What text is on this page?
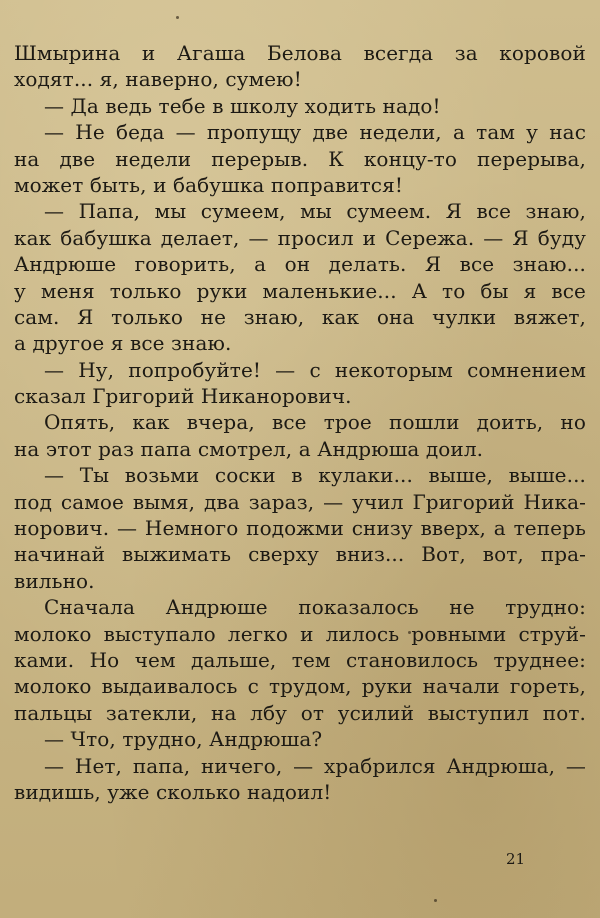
Шмырина и Агаша Белова всегда за коровой
ходят... я, наверно, сумею!
— Да ведь тебе в школу ходить надо!
— Не беда — пропущу две недели, а там у нас
на две недели перерыв. К концу-то перерыва,
может быть, и бабушка поправится!
— Папа, мы сумеем, мы сумеем. Я все знаю,
как бабушка делает, — просил и Сережа. — Я буду
Андрюше говорить, а он делать. Я все знаю...
у меня только руки маленькие... А то бы я все
сам. Я только не знаю, как она чулки вяжет,
а другое я все знаю.
— Ну, попробуйте! — с некоторым сомнением
сказал Григорий Никанорович.
Опять, как вчера, все трое пошли доить, но
на этот раз папа смотрел, а Андрюша доил.
— Ты возьми соски в кулаки... выше, выше...
под самое вымя, два зараз, — учил Григорий Ника-
норович. — Немного подожми снизу вверх, а теперь
начинай выжимать сверху вниз... Вот, вот, пра-
вильно.
Сначала Андрюше показалось не трудно:
молоко выступало легко и лилось ровными струй-
ками. Но чем дальше, тем становилось труднее:
молоко выдаивалось с трудом, руки начали гореть,
пальцы затекли, на лбу от усилий выступил пот.
— Что, трудно, Андрюша?
— Нет, папа, ничего, — храбрился Андрюша, —
видишь, уже сколько надоил!
21
